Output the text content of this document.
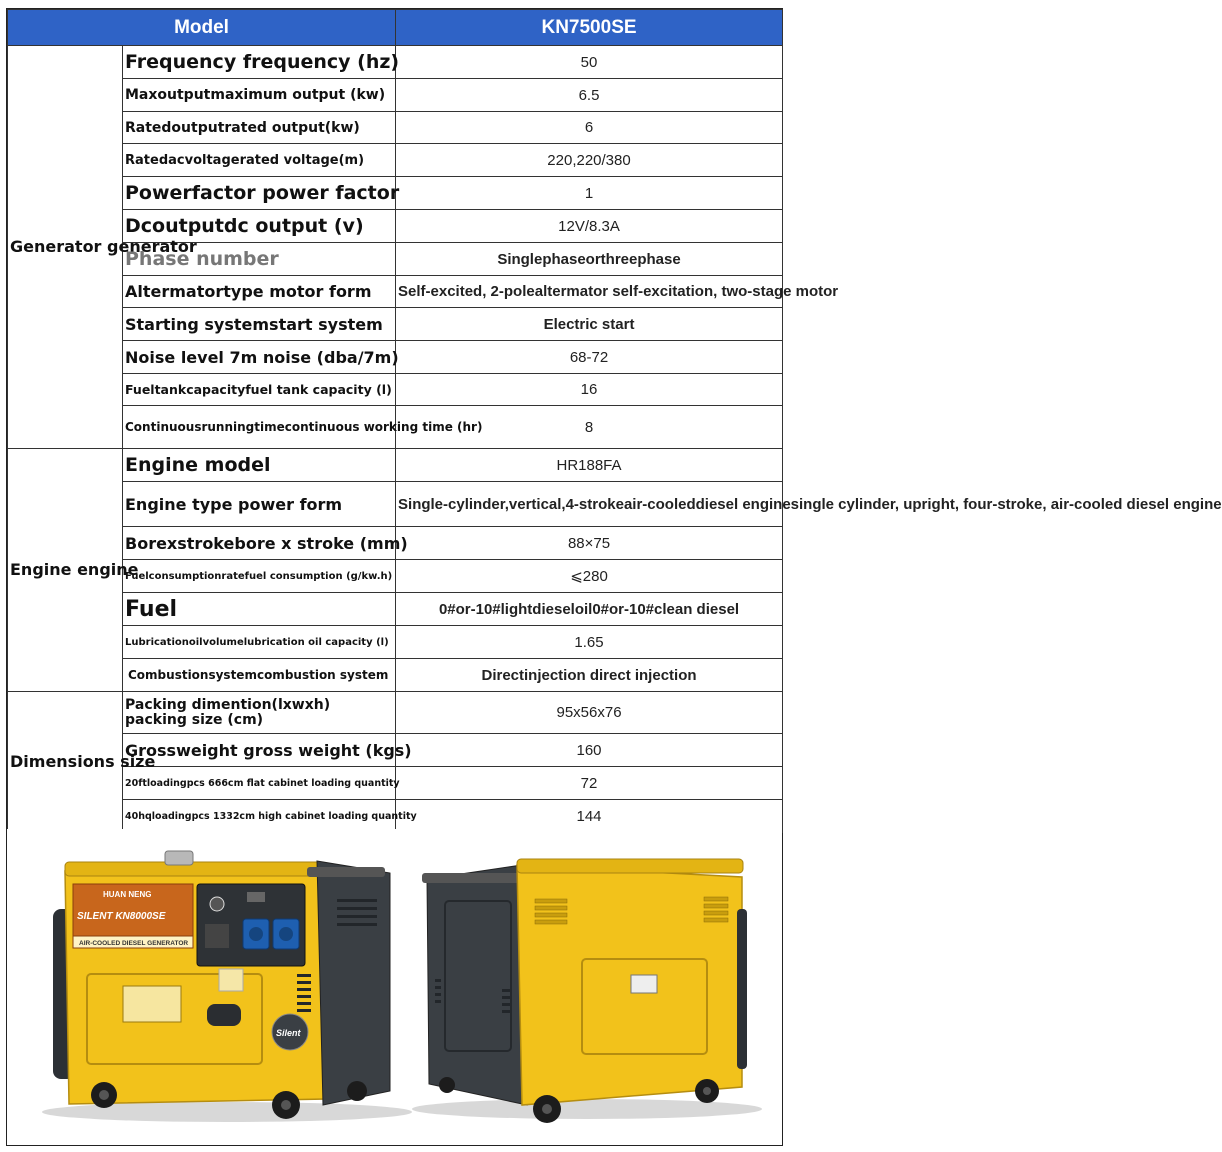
Model		KN7500SE
Generator generator	Frequency frequency (hz)	50
	Maxoutputmaximum output (kw)	6.5
	Ratedoutputrated output(kw)	6
	Ratedacvoltagerated voltage(m)	220,220/380
	Powerfactor power factor	1
	Dcoutputdc output (v)	12V/8.3A
	Phase number	Singlephaseorthreephase
	Altermatortype motor form	Self-excited, 2-polealtermator self-excitation, two-stage motor
	Starting systemstart system	Electric start
	Noise level 7m noise (dba/7m)	68-72
	Fueltankcapacityfuel tank capacity (l)	16
	Continuousrunningtimecontinuous working time (hr)	8
Engine engine	Engine model	HR188FA
	Engine type power form	Single-cylinder,vertical,4-strokeair-cooleddiesel enginesingle cylinder, upright, four-stroke, air-cooled diesel engine
	Borexstrokebore x stroke (mm)	88×75
	Fuelconsumptionratefuel consumption (g/kw.h)	⩽280
	Fuel	0#or-10#lightdieseloil0#or-10#clean diesel
	Lubricationoilvolumelubrication oil capacity (l)	1.65
	Combustionsystemcombustion system	Directinjection direct injection
Dimensions size	Packing dimention(lxwxh) packing size (cm)	95x56x76
	Grossweight gross weight (kgs)	160
	20ftloadingpcs 666cm flat cabinet loading quantity	72
	40hqloadingpcs 1332cm high cabinet loading quantity	144
HUAN NENG
SILENT KN8000SE
AIR-COOLED DIESEL GENERATOR
Silent
